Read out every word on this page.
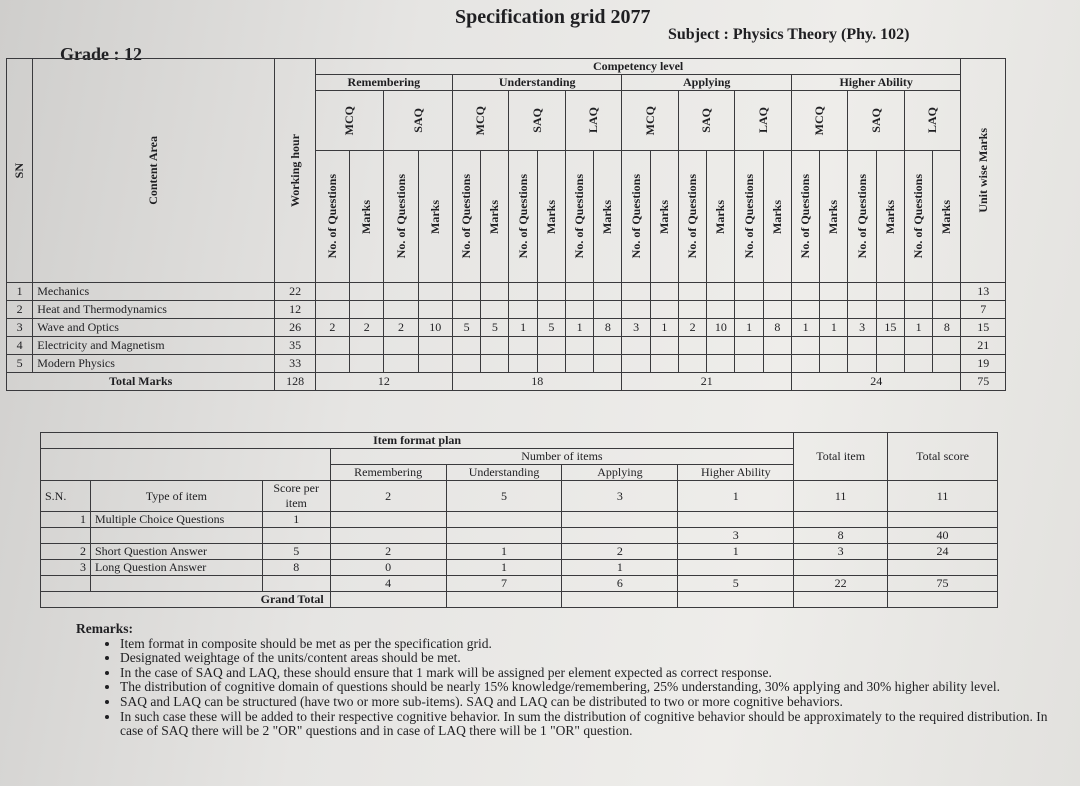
Specification grid 2077
Grade : 12
Subject : Physics Theory (Phy. 102)
SN	Content Area	Working hour	Competency level																						Unit wise Marks

			Remembering				Understanding						Applying						Higher Ability						

			MCQ		SAQ		MCQ		SAQ		LAQ		MCQ		SAQ		LAQ		MCQ		SAQ		LAQ		

			No. of Questions	Marks	No. of Questions	Marks	No. of Questions	Marks	No. of Questions	Marks	No. of Questions	Marks	No. of Questions	Marks	No. of Questions	Marks	No. of Questions	Marks	No. of Questions	Marks	No. of Questions	Marks	No. of Questions	Marks	

1	Mechanics	22																							13
2	Heat and Thermodynamics	12																							7
3	Wave and Optics	26	2	2	2	10	5	5	1	5	1	8	3	1	2	10	1	8	1	1	3	15	1	8	15
4	Electricity and Magnetism	35																							21
5	Modern Physics	33																							19
Total Marks		128	12				18						21						24						75
Item format plan							Total item	Total score
			Number of items					
			Remembering	Understanding	Applying	Higher Ability		
S.N.	Type of item	Score per item	2	5	3	1	11	11
1	Multiple Choice Questions	1						
						3	8	40
2	Short Question Answer	5	2	1	2	1	3	24
3	Long Question Answer	8	0	1	1			
			4	7	6	5	22	75
Grand Total								
Remarks:
• Item format in composite should be met as per the specification grid.
• Designated weightage of the units/content areas should be met.
• In the case of SAQ and LAQ, these should ensure that 1 mark will be assigned per element expected as correct response.
• The distribution of cognitive domain of questions should be nearly 15% knowledge/remembering, 25% understanding, 30% applying and 30% higher ability level.
• SAQ and LAQ can be structured (have two or more sub-items). SAQ and LAQ can be distributed to two or more cognitive behaviors.
• In such case these will be added to their respective cognitive behavior. In sum the distribution of cognitive behavior should be approximately to the required distribution. In case of SAQ there will be 2 "OR" questions and in case of LAQ there will be 1 "OR" question.
